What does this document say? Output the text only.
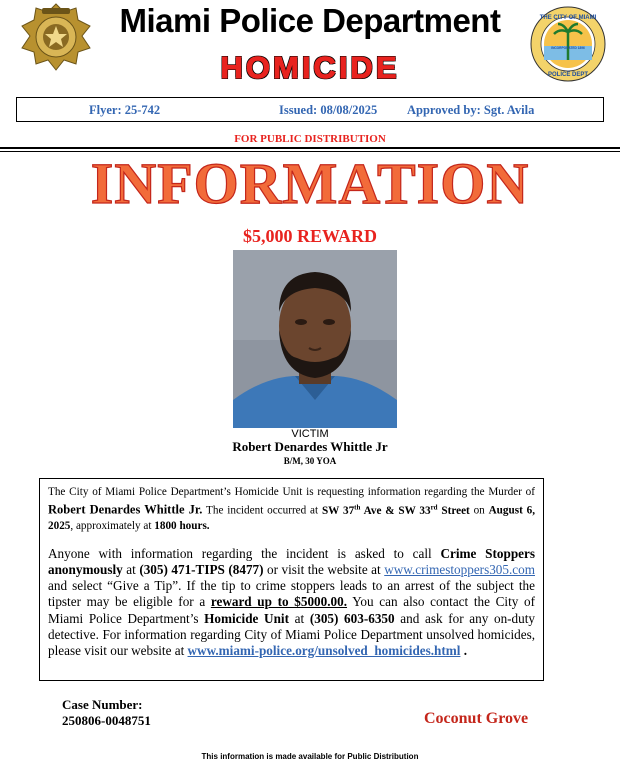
THE CITY OF MIAMI
POLICE DEPT
INCORPORATED 1896
Miami Police Department
HOMICIDE
Flyer: 25-742	Issued: 08/08/2025 Approved by: Sgt. Avila
FOR PUBLIC DISTRIBUTION
INFORMATION
$5,000 REWARD
VICTIM
Robert Denardes Whittle Jr
B/M, 30 YOA

The City of Miami Police Department’s Homicide Unit is requesting information regarding the Murder of Robert Denardes Whittle Jr. The incident occurred at SW 37th Ave & SW 33rd Street on August 6, 2025, approximately at 1800 hours.

Anyone with information regarding the incident is asked to call Crime Stoppers anonymously at (305) 471-TIPS (8477) or visit the website at www.crimestoppers305.com and select “Give a Tip”. If the tip to crime stoppers leads to an arrest of the subject the tipster may be eligible for a reward up to $5000.00. You can also contact the City of Miami Police Department’s Homicide Unit at (305) 603-6350 and ask for any on-duty detective. For information regarding City of Miami Police Department unsolved homicides, please visit our website at www.miami-police.org/unsolved_homicides.html .

Case Number:
250806-0048751	Coconut Grove
This information is made available for Public Distribution
